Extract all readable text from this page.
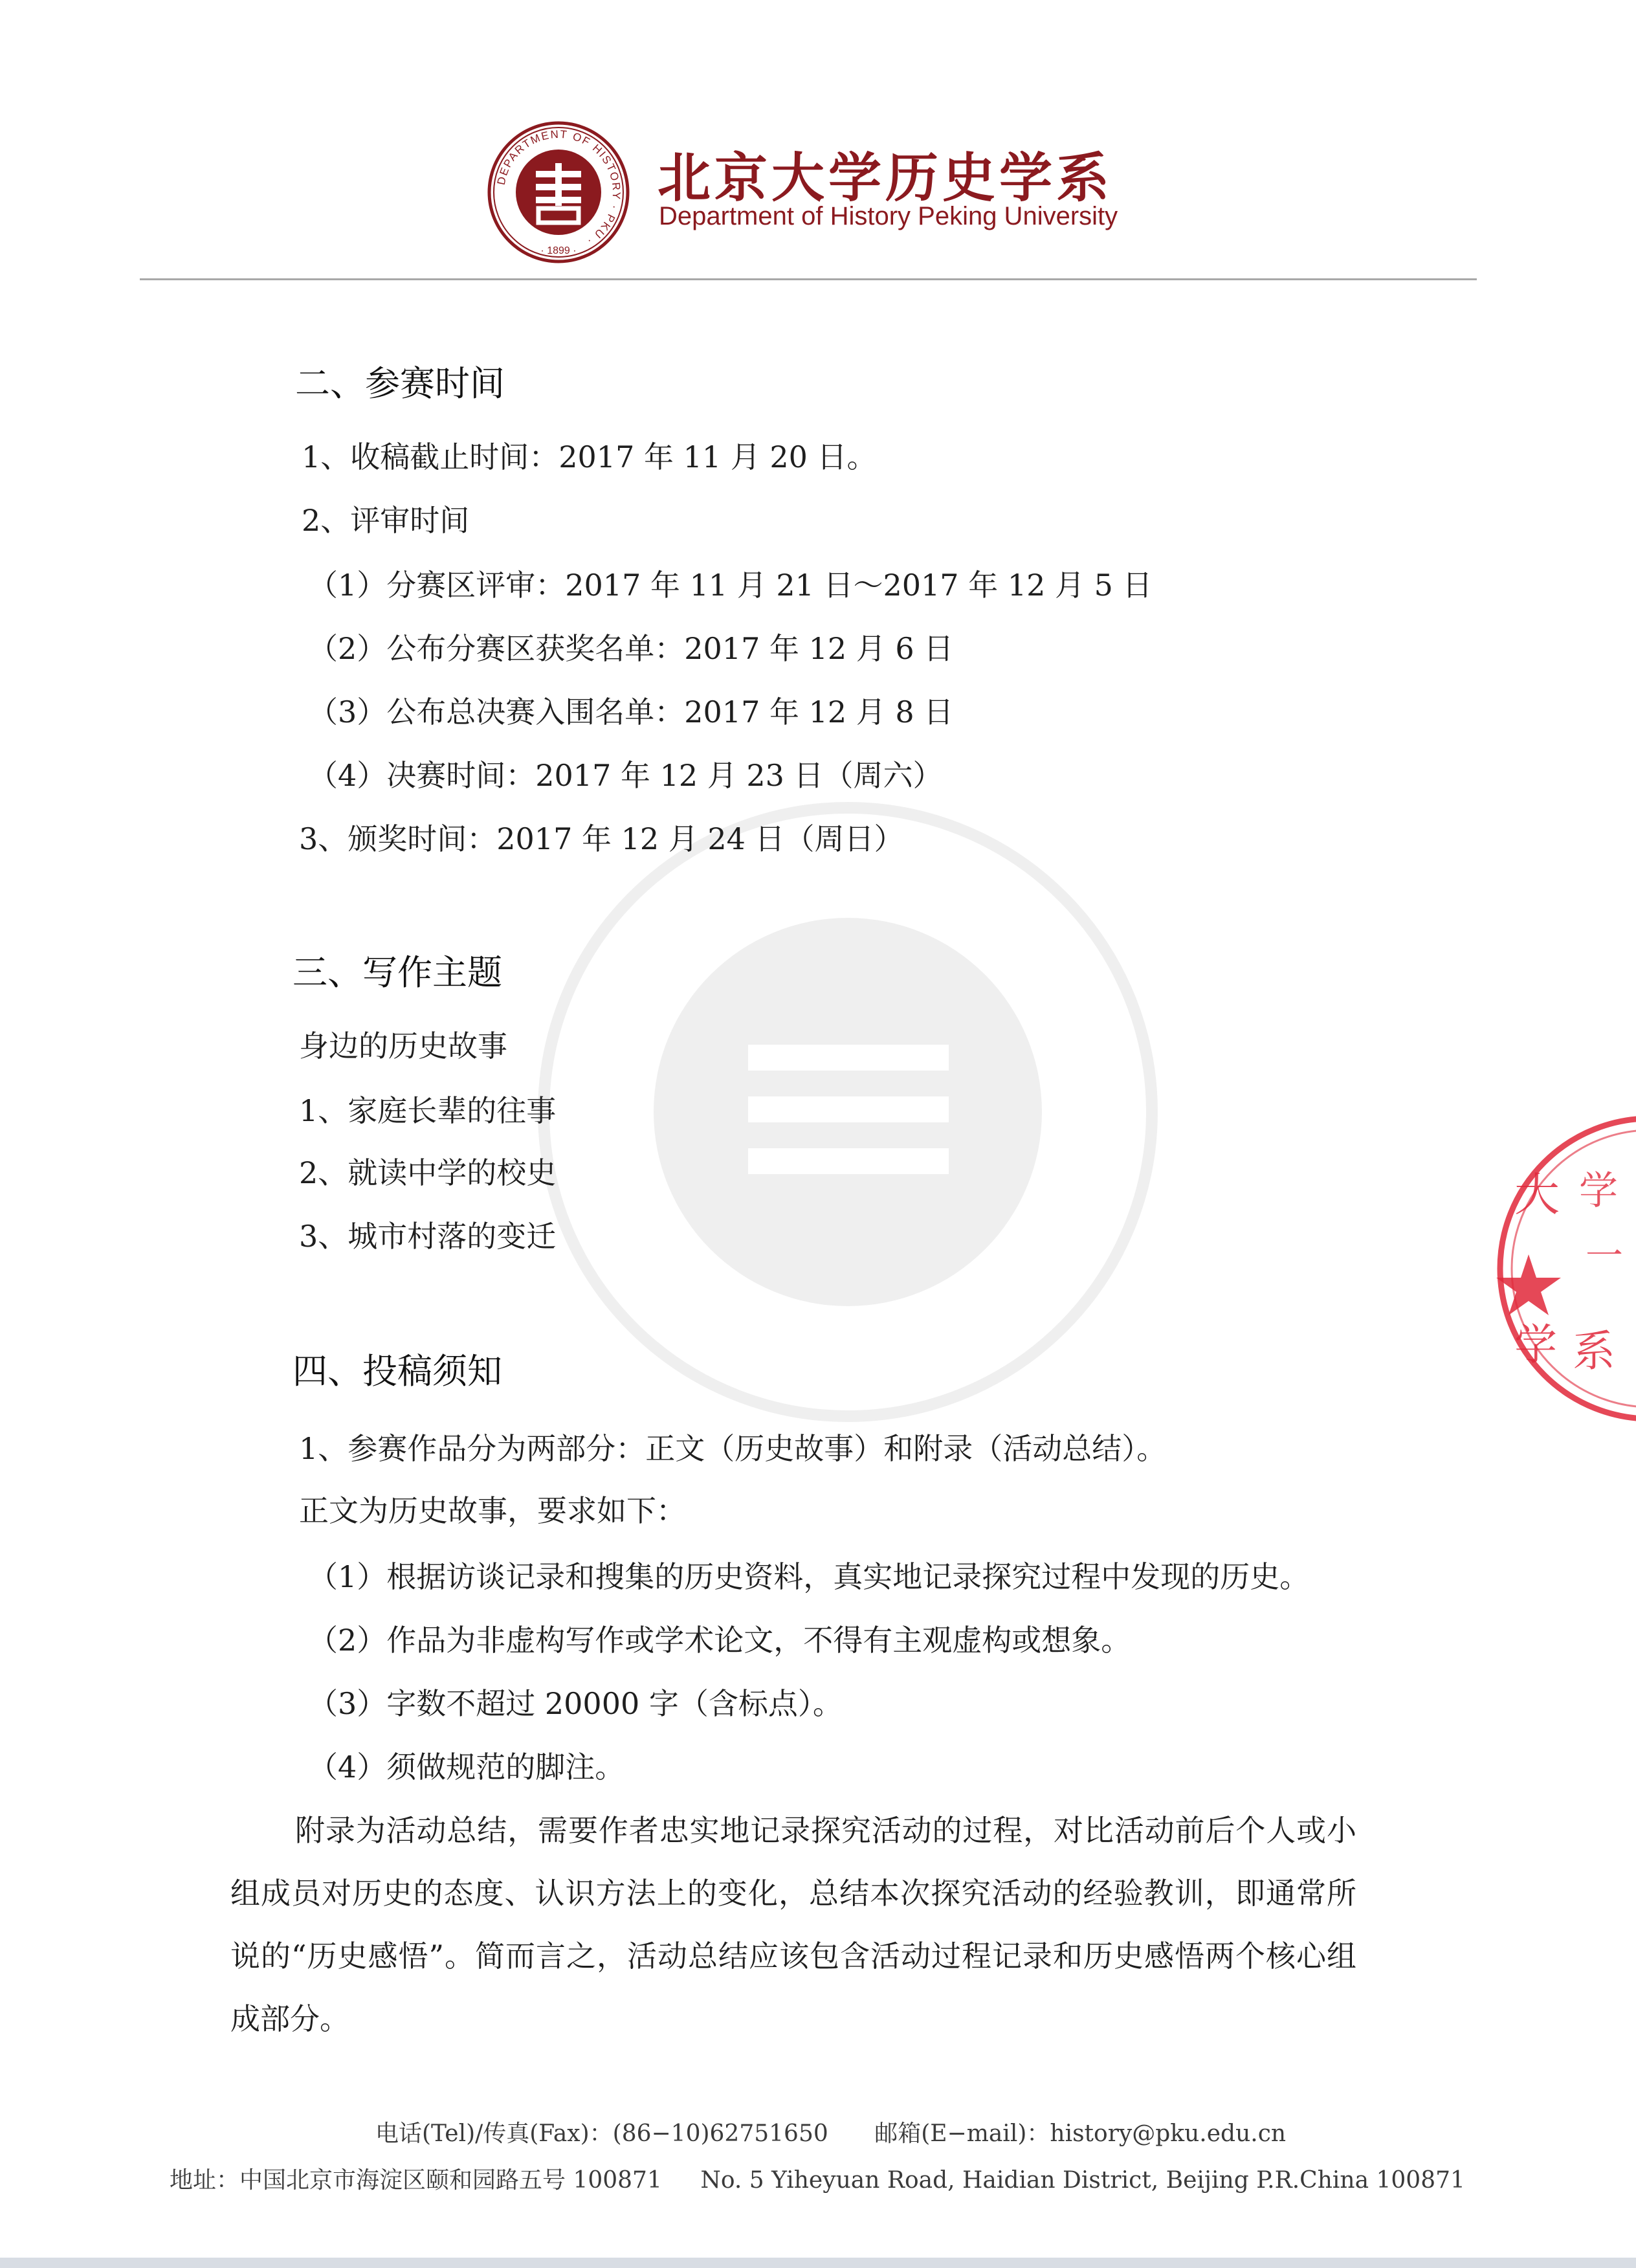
DEPARTMENT OF HISTORY · PKU ·
· 1899 ·
北京大学历史学系
Department of History Peking University
二、参赛时间
1、收稿截止时间：2017 年 11 月 20 日。
2、评审时间
（1）分赛区评审：2017 年 11 月 21 日～2017 年 12 月 5 日
（2）公布分赛区获奖名单：2017 年 12 月 6 日
（3）公布总决赛入围名单：2017 年 12 月 8 日
（4）决赛时间：2017 年 12 月 23 日（周六）
3、颁奖时间：2017 年 12 月 24 日（周日）
三、写作主题
身边的历史故事
1、家庭长辈的往事
2、就读中学的校史
3、城市村落的变迁
四、投稿须知
1、参赛作品分为两部分：正文（历史故事）和附录（活动总结）。
正文为历史故事，要求如下：
（1）根据访谈记录和搜集的历史资料，真实地记录探究过程中发现的历史。
（2）作品为非虚构写作或学术论文，不得有主观虚构或想象。
（3）字数不超过 20000 字（含标点）。
（4）须做规范的脚注。
附录为活动总结，需要作者忠实地记录探究活动的过程，对比活动前后个人或小组成员对历史的态度、认识方法上的变化，总结本次探究活动的经验教训，即通常所说的“历史感悟”。简而言之，活动总结应该包含活动过程记录和历史感悟两个核心组成部分。
大 学
一
学 系
电话(Tel)/传真(Fax)：(86−10)62751650 邮箱(E−mail)：history@pku.edu.cn
地址：中国北京市海淀区颐和园路五号 100871 No. 5 Yiheyuan Road, Haidian District, Beijing P.R.China 100871
